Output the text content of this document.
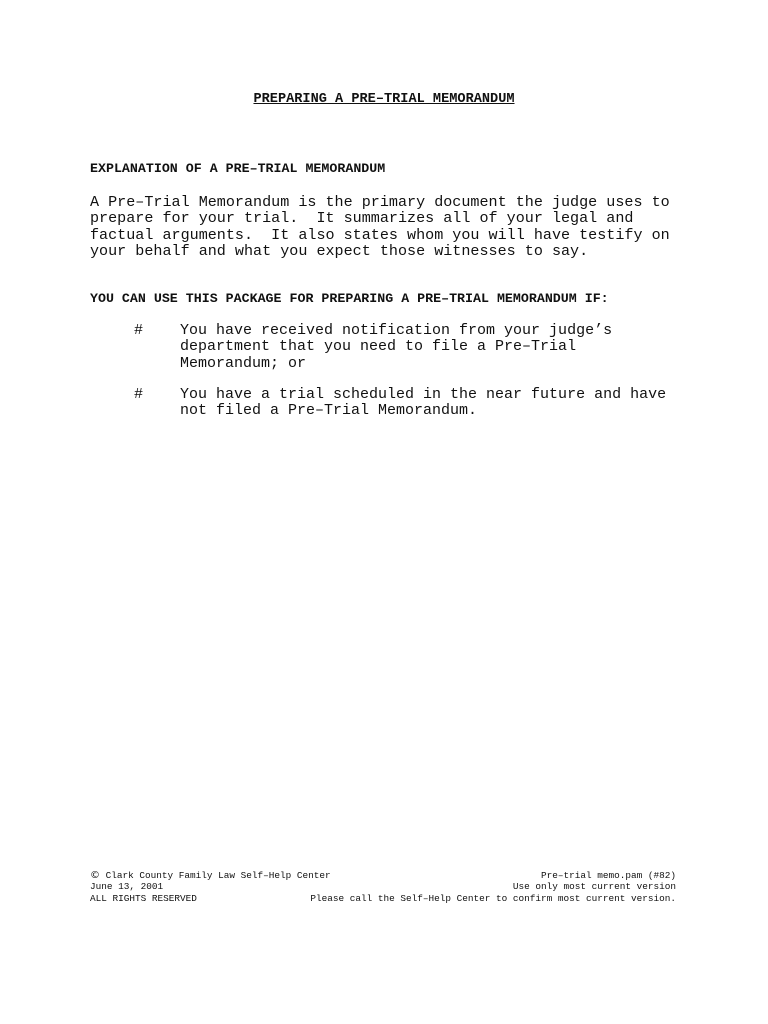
PREPARING A PRE–TRIAL MEMORANDUM
EXPLANATION OF A PRE–TRIAL MEMORANDUM
A Pre–Trial Memorandum is the primary document the judge uses to
prepare for your trial.  It summarizes all of your legal and
factual arguments.  It also states whom you will have testify on
your behalf and what you expect those witnesses to say.
YOU CAN USE THIS PACKAGE FOR PREPARING A PRE–TRIAL MEMORANDUM IF:
# You have received notification from your judge’s
department that you need to file a Pre–Trial
Memorandum; or
# You have a trial scheduled in the near future and have
not filed a Pre–Trial Memorandum.
© Clark County Family Law Self–Help Center
June 13, 2001
ALL RIGHTS RESERVED
Pre–trial memo.pam (#82)
Use only most current version
Please call the Self–Help Center to confirm most current version.
